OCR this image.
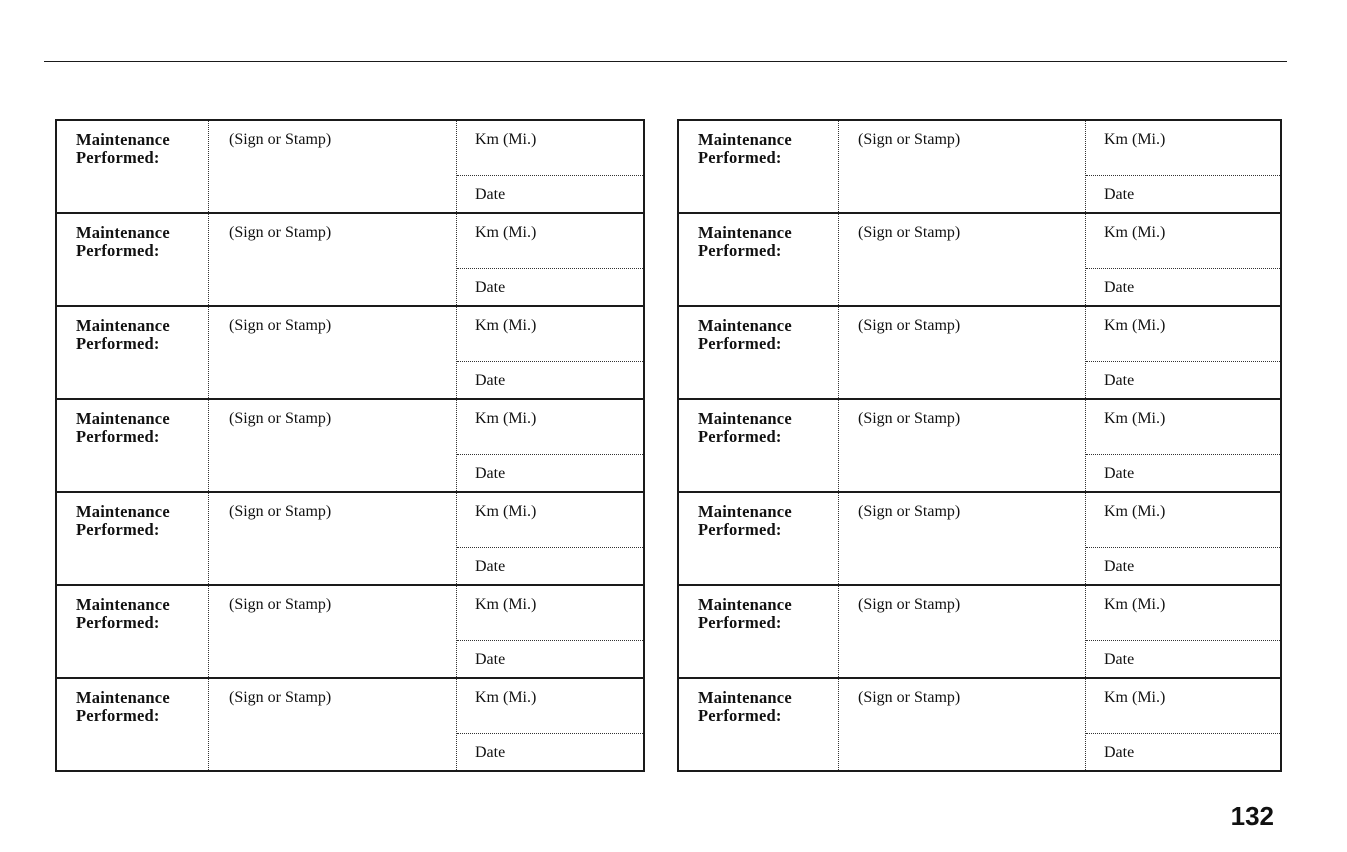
Maintenance
Performed:
(Sign or Stamp)	Km (Mi.)
Date
Maintenance
Performed:
(Sign or Stamp)	Km (Mi.)
Date
Maintenance
Performed:
(Sign or Stamp)	Km (Mi.)
Date
Maintenance
Performed:
(Sign or Stamp)	Km (Mi.)
Date
Maintenance
Performed:
(Sign or Stamp)	Km (Mi.)
Date
Maintenance
Performed:
(Sign or Stamp)	Km (Mi.)
Date
Maintenance
Performed:
(Sign or Stamp)	Km (Mi.)
Date
Maintenance
Performed:
(Sign or Stamp)	Km (Mi.)
Date
Maintenance
Performed:
(Sign or Stamp)	Km (Mi.)
Date
Maintenance
Performed:
(Sign or Stamp)	Km (Mi.)
Date
Maintenance
Performed:
(Sign or Stamp)	Km (Mi.)
Date
Maintenance
Performed:
(Sign or Stamp)	Km (Mi.)
Date
Maintenance
Performed:
(Sign or Stamp)	Km (Mi.)
Date
Maintenance
Performed:
(Sign or Stamp)	Km (Mi.)
Date
132
